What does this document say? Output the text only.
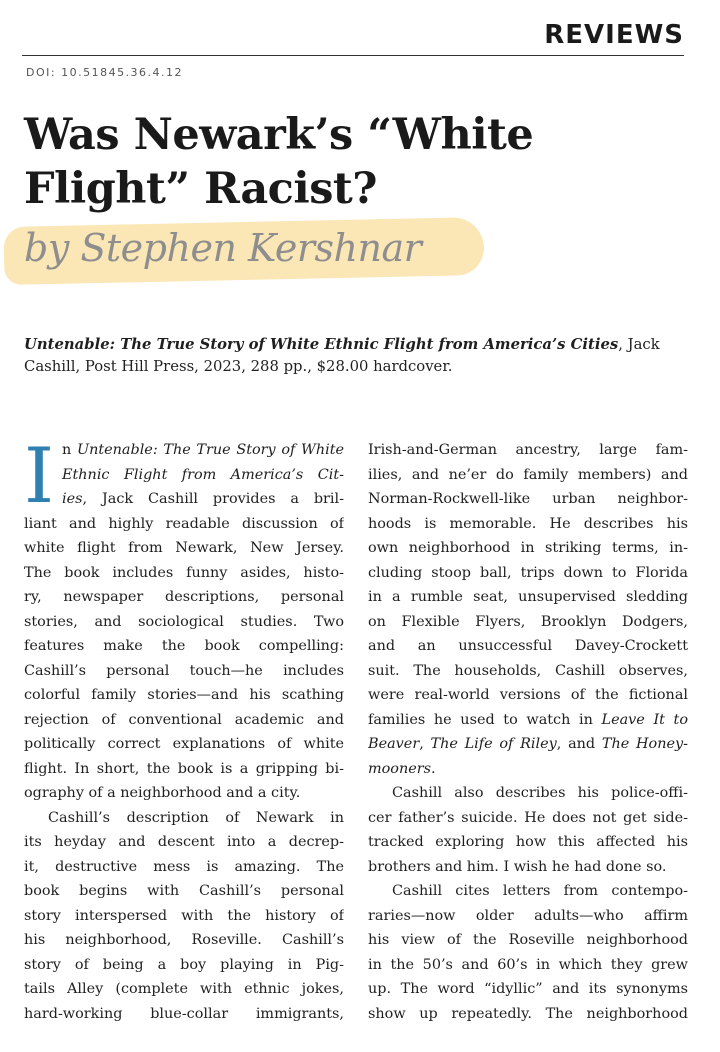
REVIEWS
DOI: 10.51845.36.4.12
Was Newark’s “White
Flight” Racist?
by Stephen Kershnar

Untenable: The True Story of White Ethnic Flight from America’s Cities, Jack Cashill, Post Hill Press, 2023, 288 pp., $28.00 hardcover.

I n Untenable: The True Story of White
Ethnic Flight from America’s Cit-
ies, Jack Cashill provides a bril-
liant and highly readable discussion of
white flight from Newark, New Jersey.
The book includes funny asides, histo-
ry, newspaper descriptions, personal
stories, and sociological studies. Two
features make the book compelling:
Cashill’s personal touch—he includes
colorful family stories—and his scathing
rejection of conventional academic and
politically correct explanations of white
flight. In short, the book is a gripping bi-
ography of a neighborhood and a city.
Cashill’s description of Newark in
its heyday and descent into a decrep-
it, destructive mess is amazing. The
book begins with Cashill’s personal
story interspersed with the history of
his neighborhood, Roseville. Cashill’s
story of being a boy playing in Pig-
tails Alley (complete with ethnic jokes,
hard-working blue-collar immigrants,
Irish-and-German ancestry, large fam-
ilies, and ne’er do family members) and
Norman-Rockwell-like urban neighbor-
hoods is memorable. He describes his
own neighborhood in striking terms, in-
cluding stoop ball, trips down to Florida
in a rumble seat, unsupervised sledding
on Flexible Flyers, Brooklyn Dodgers,
and an unsuccessful Davey-Crockett
suit. The households, Cashill observes,
were real-world versions of the fictional
families he used to watch in Leave It to
Beaver, The Life of Riley, and The Honey-
mooners.
Cashill also describes his police-offi-
cer father’s suicide. He does not get side-
tracked exploring how this affected his
brothers and him. I wish he had done so.
Cashill cites letters from contempo-
raries—now older adults—who affirm
his view of the Roseville neighborhood
in the 50’s and 60’s in which they grew
up. The word “idyllic” and its synonyms
show up repeatedly. The neighborhood
